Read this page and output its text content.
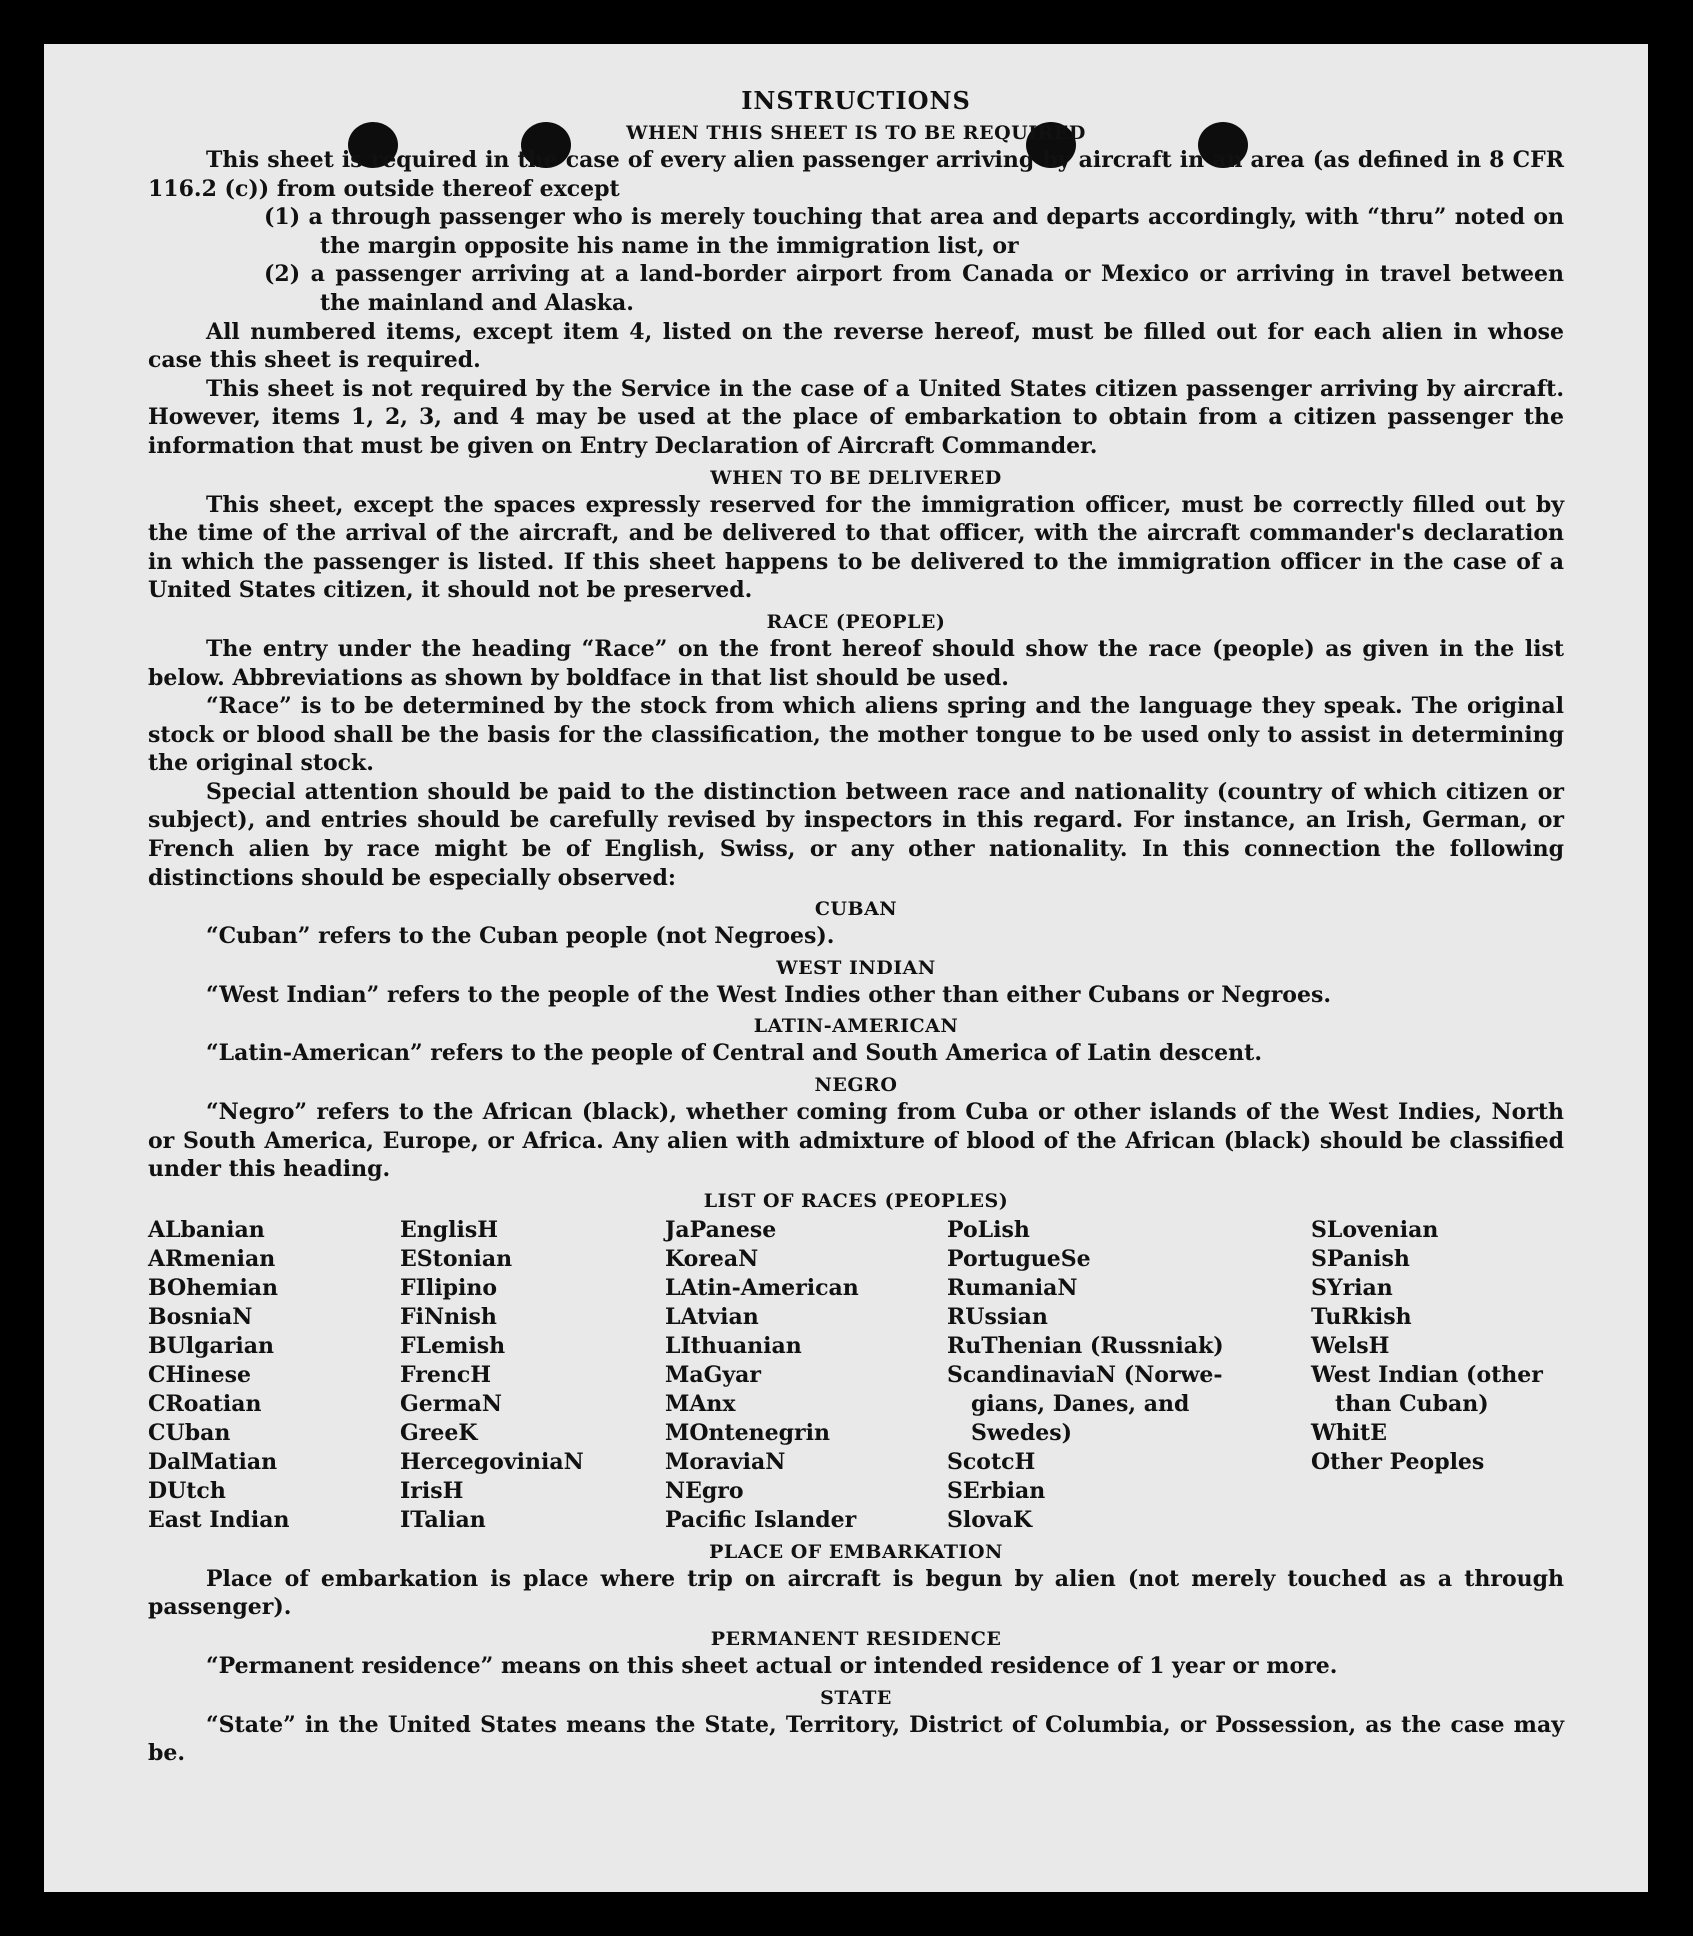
INSTRUCTIONS
WHEN THIS SHEET IS TO BE REQUIRED

This sheet is required in the case of every alien passenger arriving by aircraft in an area (as defined in 8 CFR 116.2 (c)) from outside thereof except

(1) a through passenger who is merely touching that area and departs accordingly, with “thru” noted on the margin opposite his name in the immigration list, or

(2) a passenger arriving at a land-border airport from Canada or Mexico or arriving in travel between the mainland and Alaska.

All numbered items, except item 4, listed on the reverse hereof, must be filled out for each alien in whose case this sheet is required.

This sheet is not required by the Service in the case of a United States citizen passenger arriving by aircraft. However, items 1, 2, 3, and 4 may be used at the place of embarkation to obtain from a citizen passenger the information that must be given on Entry Declaration of Aircraft Commander.

WHEN TO BE DELIVERED

This sheet, except the spaces expressly reserved for the immigration officer, must be correctly filled out by the time of the arrival of the aircraft, and be delivered to that officer, with the aircraft commander's declaration in which the passenger is listed. If this sheet happens to be delivered to the immigration officer in the case of a United States citizen, it should not be preserved.

RACE (PEOPLE)

The entry under the heading “Race” on the front hereof should show the race (people) as given in the list below. Abbreviations as shown by boldface in that list should be used.

“Race” is to be determined by the stock from which aliens spring and the language they speak. The original stock or blood shall be the basis for the classification, the mother tongue to be used only to assist in determining the original stock.

Special attention should be paid to the distinction between race and nationality (country of which citizen or subject), and entries should be carefully revised by inspectors in this regard. For instance, an Irish, German, or French alien by race might be of English, Swiss, or any other nationality. In this connection the following distinctions should be especially observed:

CUBAN

“Cuban” refers to the Cuban people (not Negroes).

WEST INDIAN

“West Indian” refers to the people of the West Indies other than either Cubans or Negroes.

LATIN-AMERICAN

“Latin-American” refers to the people of Central and South America of Latin descent.

NEGRO

“Negro” refers to the African (black), whether coming from Cuba or other islands of the West Indies, North or South America, Europe, or Africa. Any alien with admixture of blood of the African (black) should be classified under this heading.

LIST OF RACES (PEOPLES)
ALbanian
ARmenian
BOhemian
BosniaN
BUlgarian
CHinese
CRoatian
CUban
DalMatian
DUtch
East Indian
EnglisH
EStonian
FIlipino
FiNnish
FLemish
FrencH
GermaN
GreeK
HercegoviniaN
IrisH
ITalian
JaPanese
KoreaN
LAtin-American
LAtvian
LIthuanian
MaGyar
MAnx
MOntenegrin
MoraviaN
NEgro
Pacific Islander
PoLish
PortugueSe
RumaniaN
RUssian
RuThenian (Russniak)
ScandinaviaN (Norwe-
gians, Danes, and
Swedes)
ScotcH
SErbian
SlovaK
SLovenian
SPanish
SYrian
TuRkish
WelsH
West Indian (other
than Cuban)
WhitE
Other Peoples
PLACE OF EMBARKATION

Place of embarkation is place where trip on aircraft is begun by alien (not merely touched as a through passenger).

PERMANENT RESIDENCE

“Permanent residence” means on this sheet actual or intended residence of 1 year or more.

STATE

“State” in the United States means the State, Territory, District of Columbia, or Possession, as the case may be.
